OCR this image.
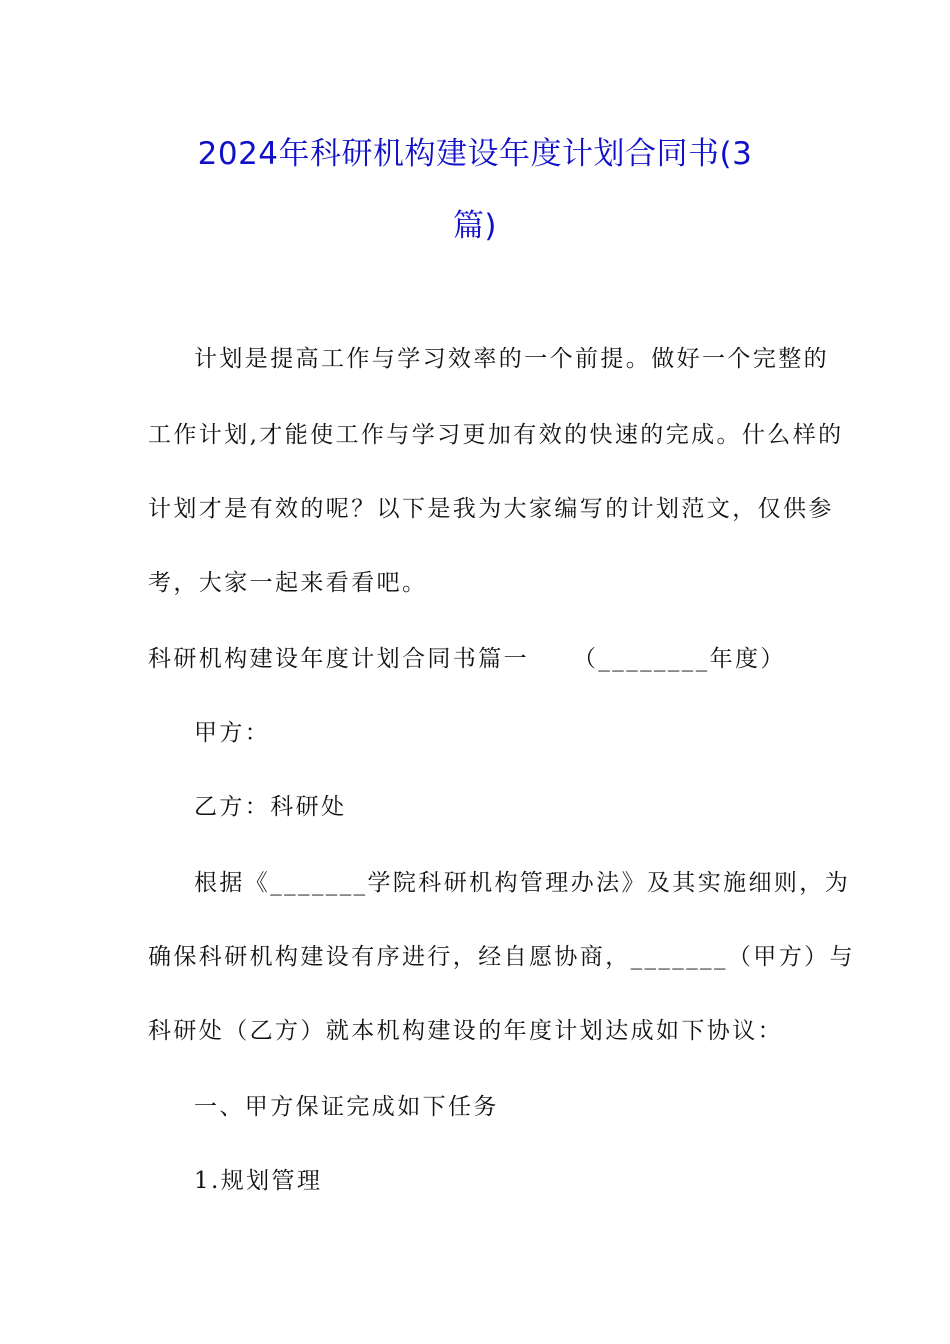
2024年科研机构建设年度计划合同书(3
篇)
计划是提高工作与学习效率的一个前提。做好一个完整的
工作计划,才能使工作与学习更加有效的快速的完成。什么样的
计划才是有效的呢？以下是我为大家编写的计划范文，仅供参
考，大家一起来看看吧。
科研机构建设年度计划合同书篇一 （________年度）
甲方：
乙方：科研处
根据《_______学院科研机构管理办法》及其实施细则，为
确保科研机构建设有序进行，经自愿协商，_______（甲方）与
科研处（乙方）就本机构建设的年度计划达成如下协议：
一、甲方保证完成如下任务
1.规划管理
